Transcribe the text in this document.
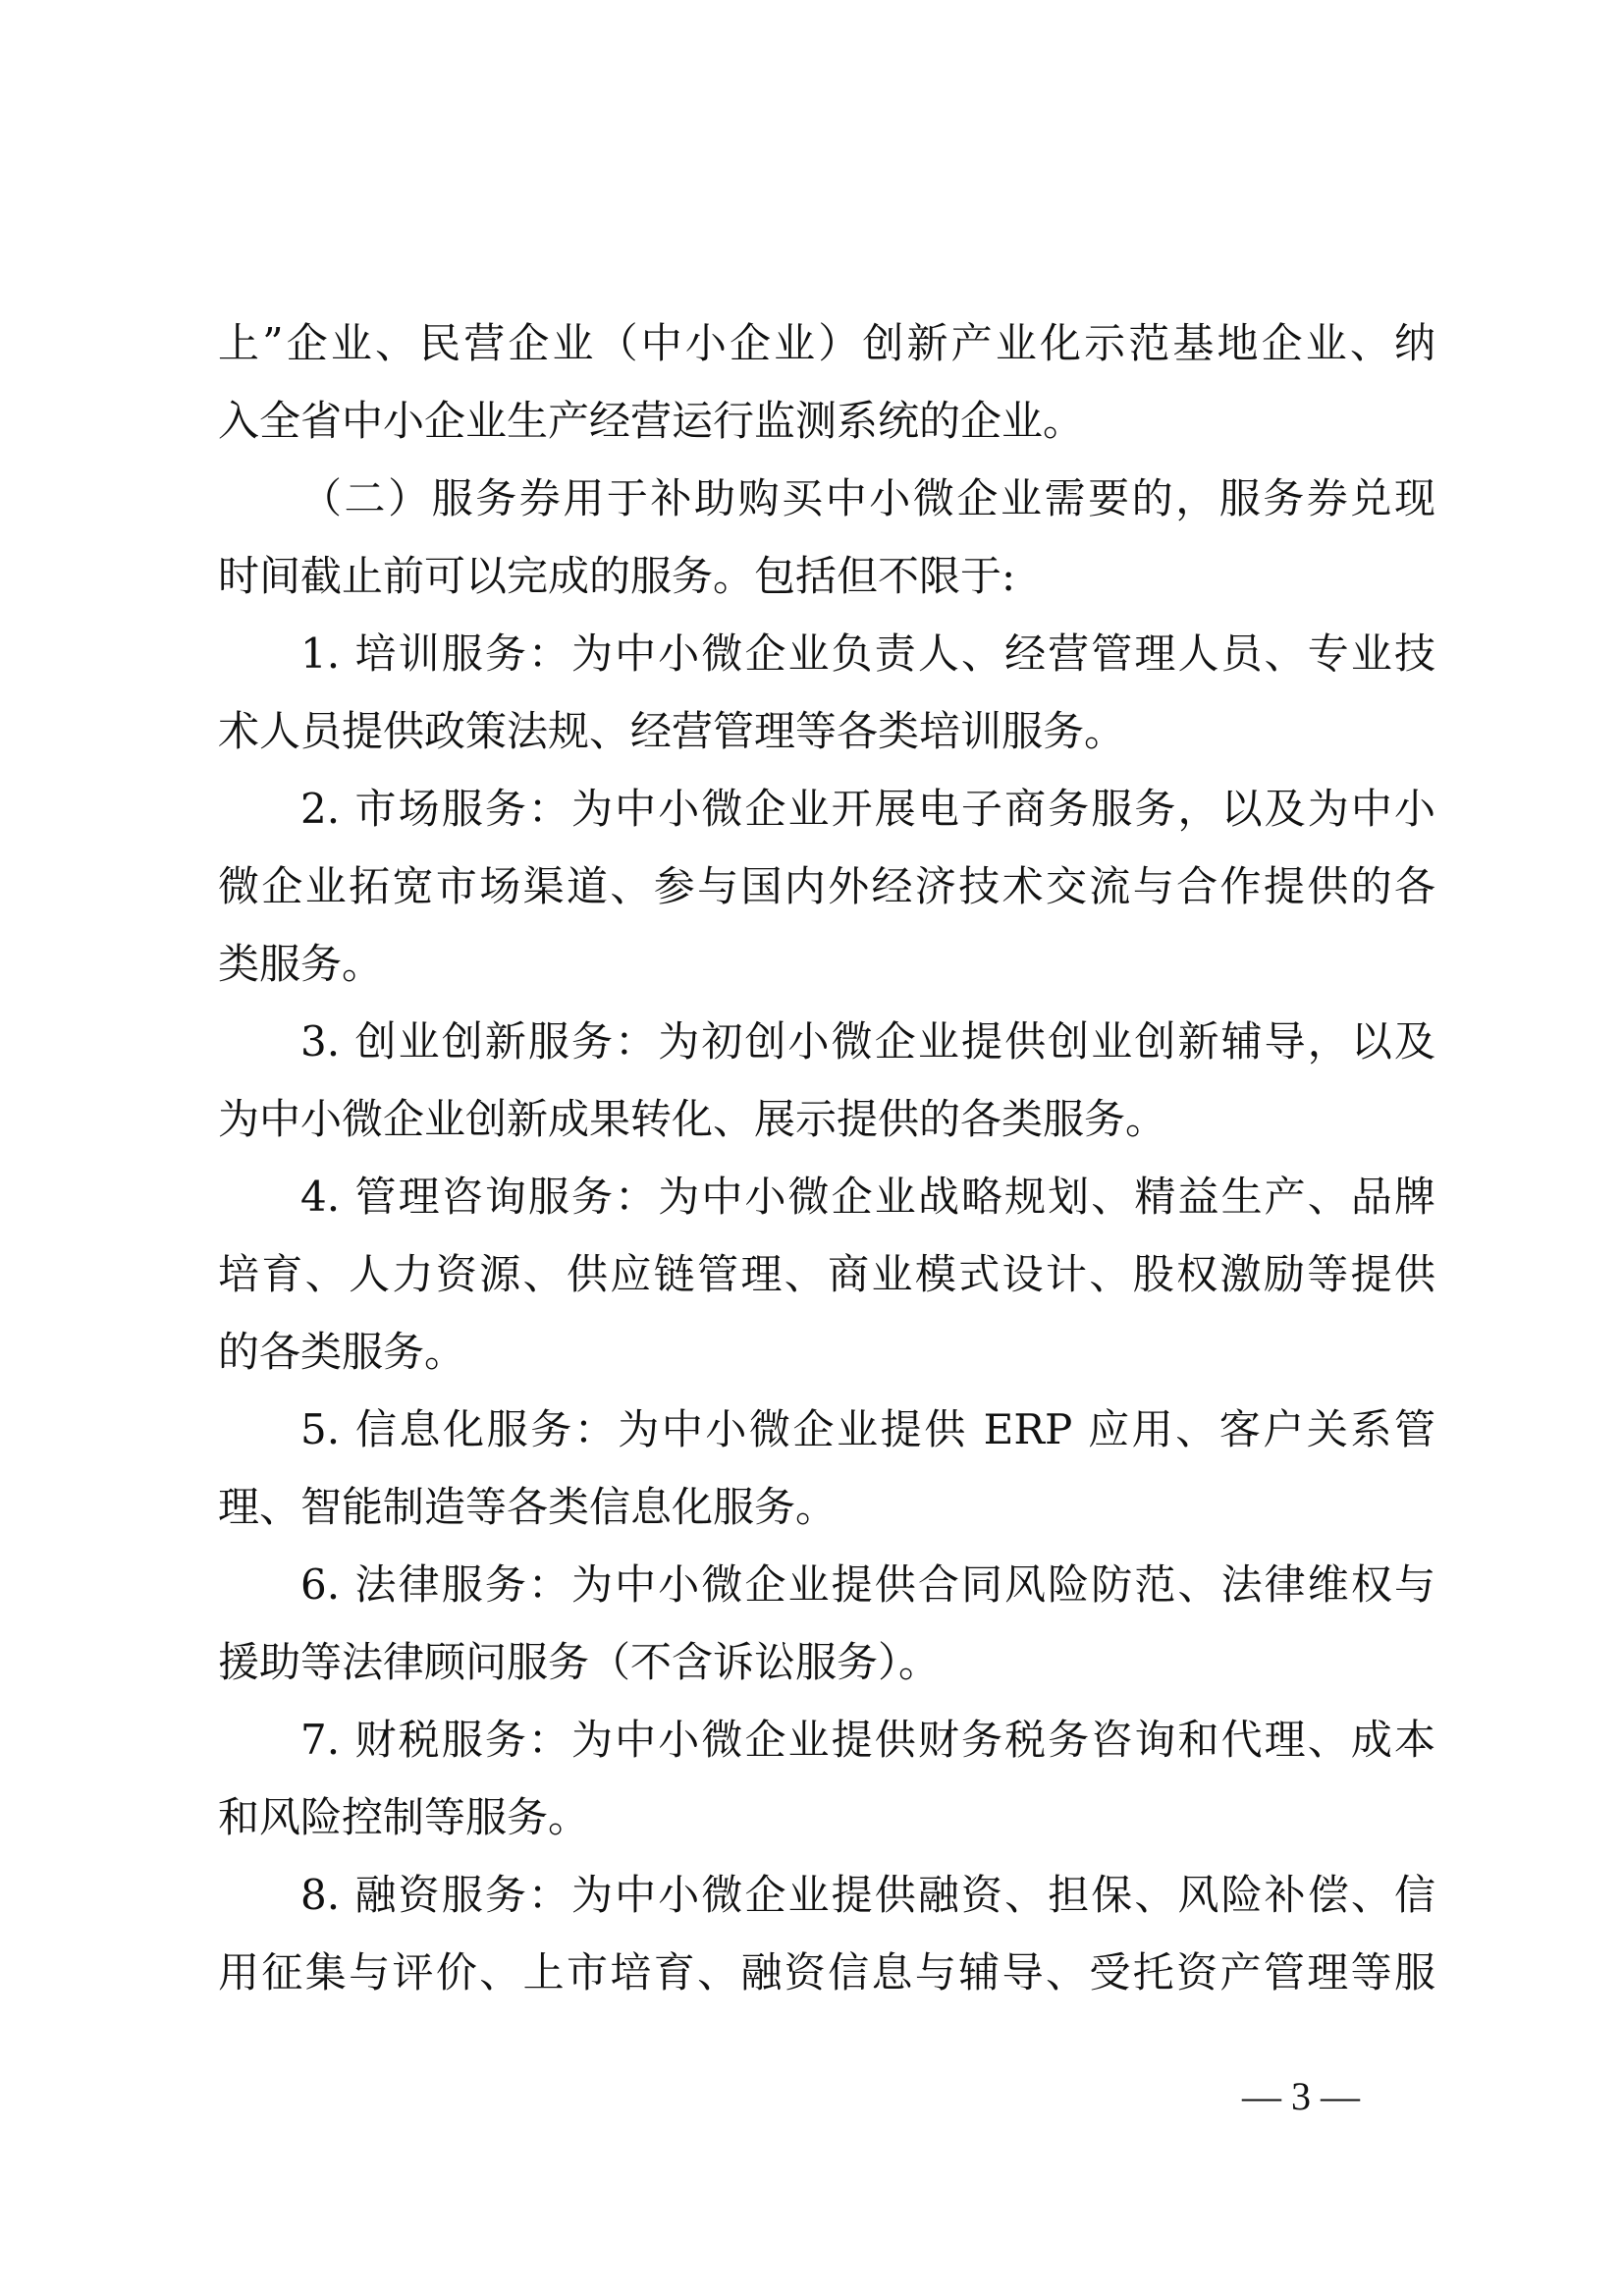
上”企业、民营企业（中小企业）创新产业化示范基地企业、纳
入全省中小企业生产经营运行监测系统的企业。
（二）服务券用于补助购买中小微企业需要的，服务券兑现
时间截止前可以完成的服务。包括但不限于:
1. 培训服务：为中小微企业负责人、经营管理人员、专业技
术人员提供政策法规、经营管理等各类培训服务。
2. 市场服务：为中小微企业开展电子商务服务，以及为中小
微企业拓宽市场渠道、参与国内外经济技术交流与合作提供的各
类服务。
3. 创业创新服务：为初创小微企业提供创业创新辅导，以及
为中小微企业创新成果转化、展示提供的各类服务。
4. 管理咨询服务：为中小微企业战略规划、精益生产、品牌
培育、人力资源、供应链管理、商业模式设计、股权激励等提供
的各类服务。
5. 信息化服务：为中小微企业提供 ERP 应用、客户关系管
理、智能制造等各类信息化服务。
6. 法律服务：为中小微企业提供合同风险防范、法律维权与
援助等法律顾问服务（不含诉讼服务）。
7. 财税服务：为中小微企业提供财务税务咨询和代理、成本
和风险控制等服务。
8. 融资服务：为中小微企业提供融资、担保、风险补偿、信
用征集与评价、上市培育、融资信息与辅导、受托资产管理等服
— 3 —
